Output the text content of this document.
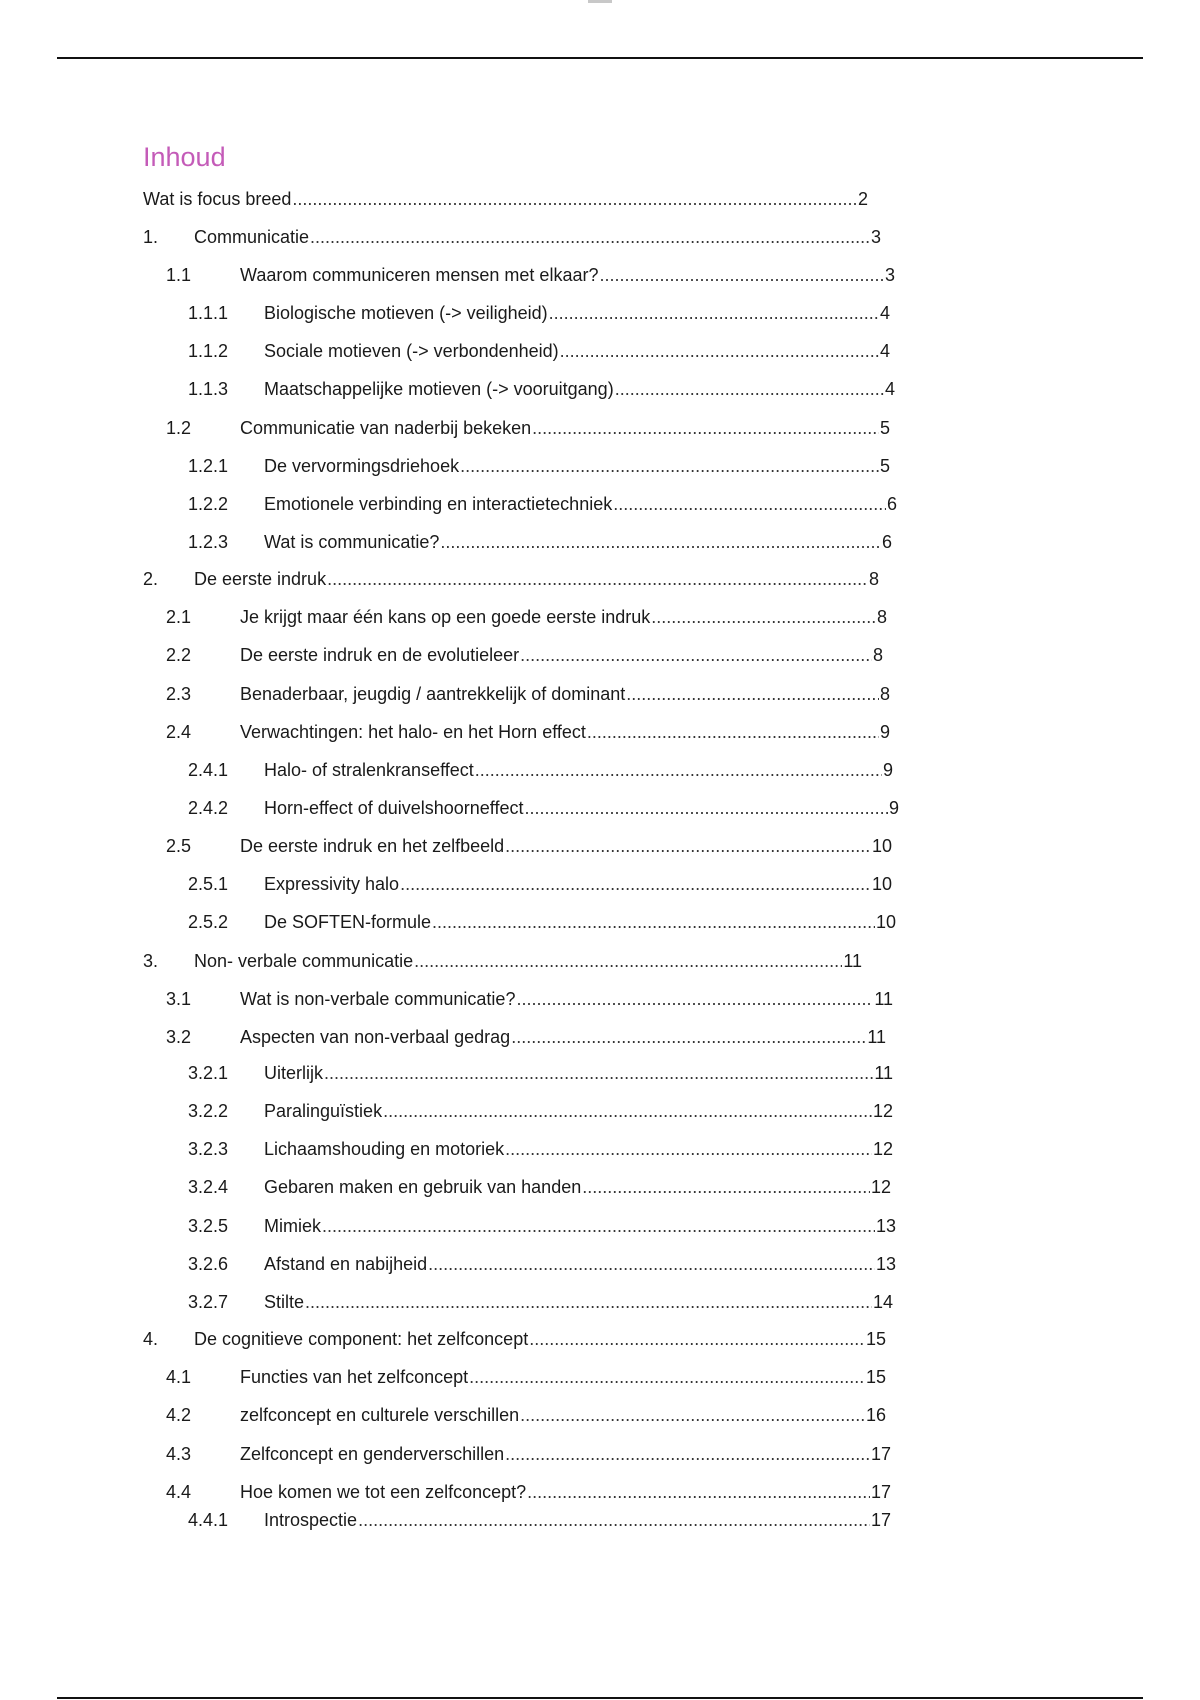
Inhoud
Wat is focus breed .....	2
1.	Communicatie .....	3
1.1	Waarom communiceren mensen met elkaar? .....	3
1.1.1	Biologische motieven (-> veiligheid) .....	4
1.1.2	Sociale motieven (-> verbondenheid) .....	4
1.1.3	Maatschappelijke motieven (-> vooruitgang) .....	4
1.2	Communicatie van naderbij bekeken .....	5
1.2.1	De vervormingsdriehoek .....	5
1.2.2	Emotionele verbinding en interactietechniek .....	6
1.2.3	Wat is communicatie? .....	6
2.	De eerste indruk .....	8
2.1	Je krijgt maar één kans op een goede eerste indruk .....	8
2.2	De eerste indruk en de evolutieleer .....	8
2.3	Benaderbaar, jeugdig / aantrekkelijk of dominant .....	8
2.4	Verwachtingen: het halo- en het Horn effect .....	9
2.4.1	Halo- of stralenkranseffect .....	9
2.4.2	Horn-effect of duivelshoorneffect .....	9
2.5	De eerste indruk en het zelfbeeld .....	10
2.5.1	Expressivity halo .....	10
2.5.2	De SOFTEN-formule .....	10
3.	Non- verbale communicatie .....	11
3.1	Wat is non-verbale communicatie? .....	11
3.2	Aspecten van non-verbaal gedrag .....	11
3.2.1	Uiterlijk .....	11
3.2.2	Paralinguïstiek .....	12
3.2.3	Lichaamshouding en motoriek .....	12
3.2.4	Gebaren maken en gebruik van handen .....	12
3.2.5	Mimiek .....	13
3.2.6	Afstand en nabijheid .....	13
3.2.7	Stilte .....	14
4.	De cognitieve component: het zelfconcept .....	15
4.1	Functies van het zelfconcept .....	15
4.2	zelfconcept en culturele verschillen .....	16
4.3	Zelfconcept en genderverschillen .....	17
4.4	Hoe komen we tot een zelfconcept? .....	17
4.4.1	Introspectie .....	17
